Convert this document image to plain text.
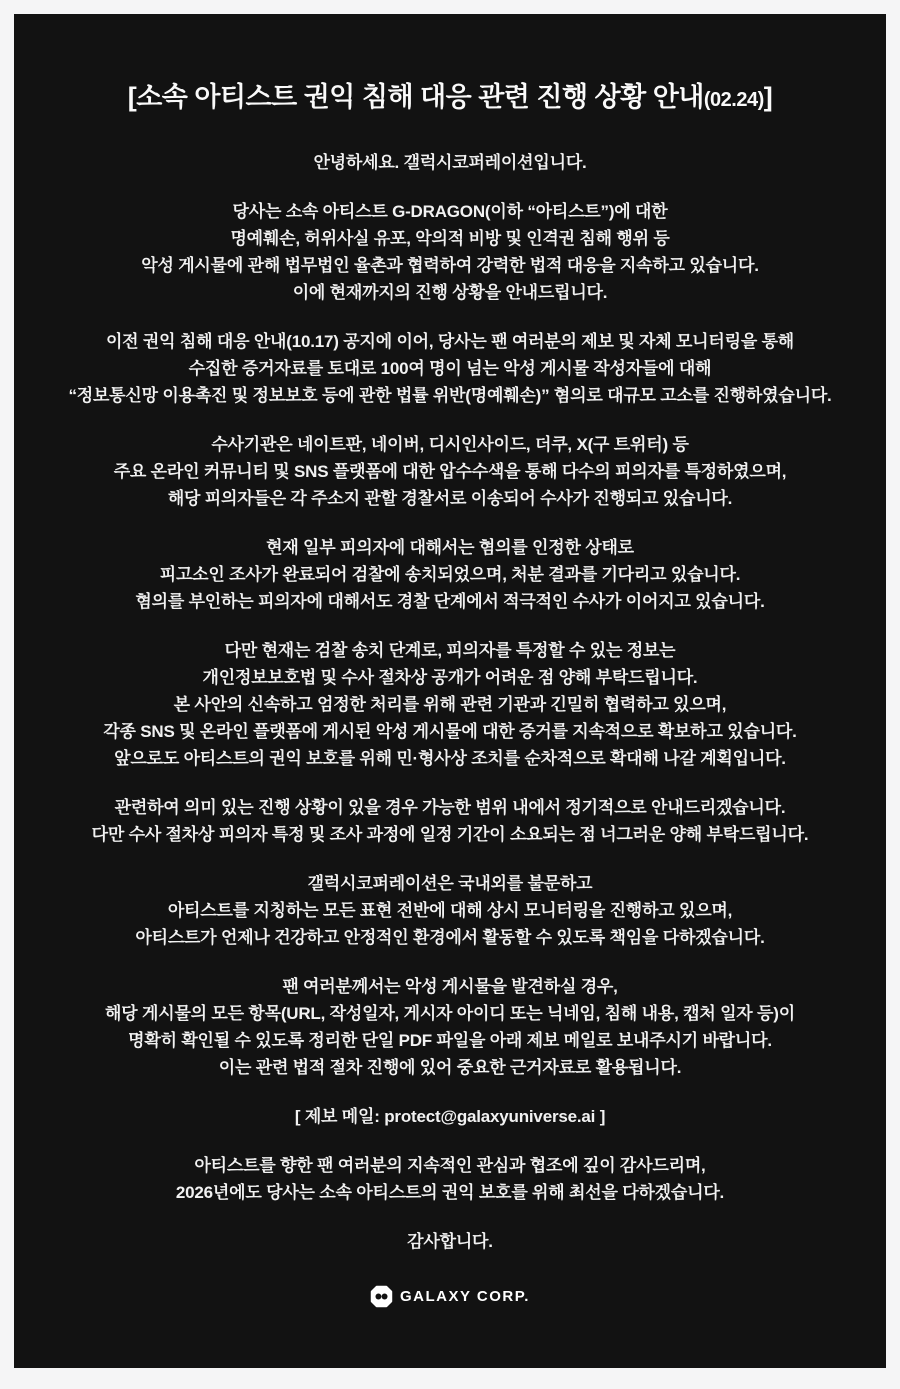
[소속 아티스트 권익 침해 대응 관련 진행 상황 안내(02.24)]
안녕하세요. 갤럭시코퍼레이션입니다.
당사는 소속 아티스트 G-DRAGON(이하 “아티스트”)에 대한
명예훼손, 허위사실 유포, 악의적 비방 및 인격권 침해 행위 등
악성 게시물에 관해 법무법인 율촌과 협력하여 강력한 법적 대응을 지속하고 있습니다.
이에 현재까지의 진행 상황을 안내드립니다.
이전 권익 침해 대응 안내(10.17) 공지에 이어, 당사는 팬 여러분의 제보 및 자체 모니터링을 통해
수집한 증거자료를 토대로 100여 명이 넘는 악성 게시물 작성자들에 대해
“정보통신망 이용촉진 및 정보보호 등에 관한 법률 위반(명예훼손)” 혐의로 대규모 고소를 진행하였습니다.
수사기관은 네이트판, 네이버, 디시인사이드, 더쿠, X(구 트위터) 등
주요 온라인 커뮤니티 및 SNS 플랫폼에 대한 압수수색을 통해 다수의 피의자를 특정하였으며,
해당 피의자들은 각 주소지 관할 경찰서로 이송되어 수사가 진행되고 있습니다.
현재 일부 피의자에 대해서는 혐의를 인정한 상태로
피고소인 조사가 완료되어 검찰에 송치되었으며, 처분 결과를 기다리고 있습니다.
혐의를 부인하는 피의자에 대해서도 경찰 단계에서 적극적인 수사가 이어지고 있습니다.
다만 현재는 검찰 송치 단계로, 피의자를 특정할 수 있는 정보는
개인정보보호법 및 수사 절차상 공개가 어려운 점 양해 부탁드립니다.
본 사안의 신속하고 엄정한 처리를 위해 관련 기관과 긴밀히 협력하고 있으며,
각종 SNS 및 온라인 플랫폼에 게시된 악성 게시물에 대한 증거를 지속적으로 확보하고 있습니다.
앞으로도 아티스트의 권익 보호를 위해 민·형사상 조치를 순차적으로 확대해 나갈 계획입니다.
관련하여 의미 있는 진행 상황이 있을 경우 가능한 범위 내에서 정기적으로 안내드리겠습니다.
다만 수사 절차상 피의자 특정 및 조사 과정에 일정 기간이 소요되는 점 너그러운 양해 부탁드립니다.
갤럭시코퍼레이션은 국내외를 불문하고
아티스트를 지칭하는 모든 표현 전반에 대해 상시 모니터링을 진행하고 있으며,
아티스트가 언제나 건강하고 안정적인 환경에서 활동할 수 있도록 책임을 다하겠습니다.
팬 여러분께서는 악성 게시물을 발견하실 경우,
해당 게시물의 모든 항목(URL, 작성일자, 게시자 아이디 또는 닉네임, 침해 내용, 캡처 일자 등)이
명확히 확인될 수 있도록 정리한 단일 PDF 파일을 아래 제보 메일로 보내주시기 바랍니다.
이는 관련 법적 절차 진행에 있어 중요한 근거자료로 활용됩니다.
[ 제보 메일: protect@galaxyuniverse.ai ]
아티스트를 향한 팬 여러분의 지속적인 관심과 협조에 깊이 감사드리며,
2026년에도 당사는 소속 아티스트의 권익 보호를 위해 최선을 다하겠습니다.
감사합니다.
GALAXY CORP.
